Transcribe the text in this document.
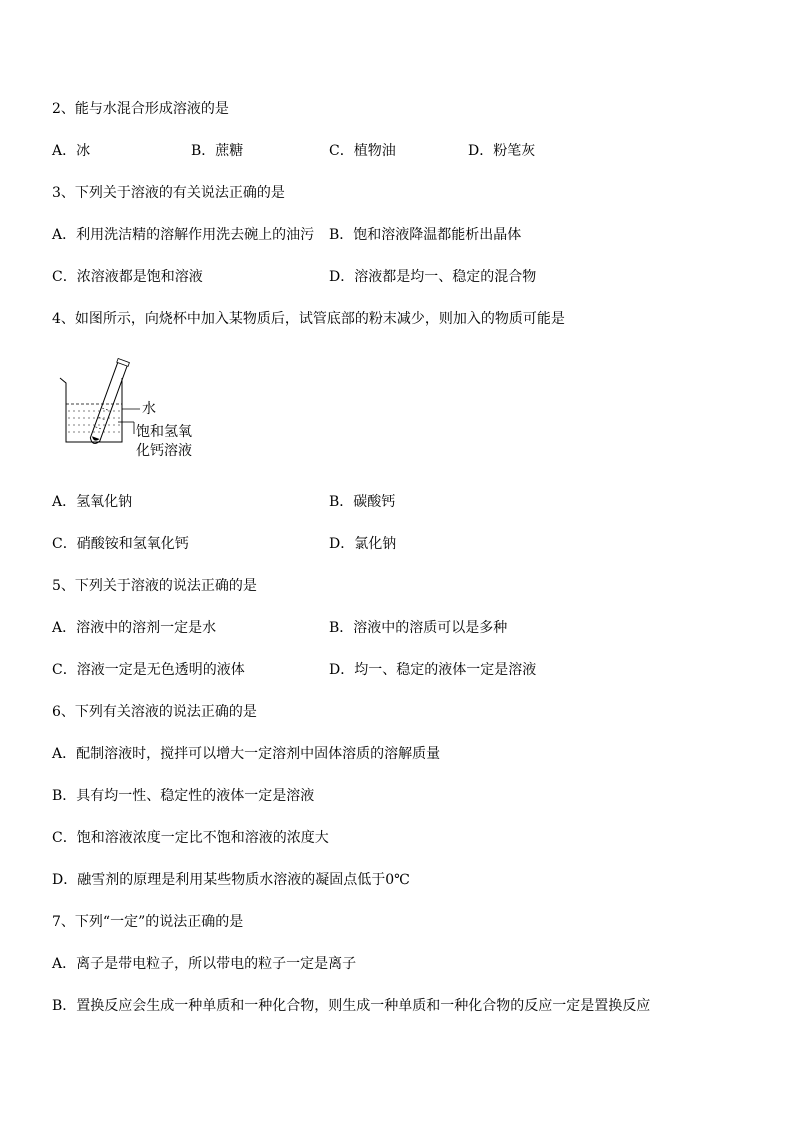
2、能与水混合形成溶液的是
A．冰	B．蔗糖	C．植物油	D．粉笔灰
3、下列关于溶液的有关说法正确的是
A．利用洗洁精的溶解作用洗去碗上的油污 B．饱和溶液降温都能析出晶体
C．浓溶液都是饱和溶液	D．溶液都是均一、稳定的混合物
4、如图所示，向烧杯中加入某物质后，试管底部的粉末减少，则加入的物质可能是
水
饱和氢氧
化钙溶液
A．氢氧化钠	B．碳酸钙
C．硝酸铵和氢氧化钙	D．氯化钠
5、下列关于溶液的说法正确的是
A．溶液中的溶剂一定是水	B．溶液中的溶质可以是多种
C．溶液一定是无色透明的液体	D．均一、稳定的液体一定是溶液
6、下列有关溶液的说法正确的是
A．配制溶液时，搅拌可以增大一定溶剂中固体溶质的溶解质量
B．具有均一性、稳定性的液体一定是溶液
C．饱和溶液浓度一定比不饱和溶液的浓度大
D．融雪剂的原理是利用某些物质水溶液的凝固点低于0℃
7、下列“一定”的说法正确的是
A．离子是带电粒子，所以带电的粒子一定是离子
B．置换反应会生成一种单质和一种化合物，则生成一种单质和一种化合物的反应一定是置换反应
